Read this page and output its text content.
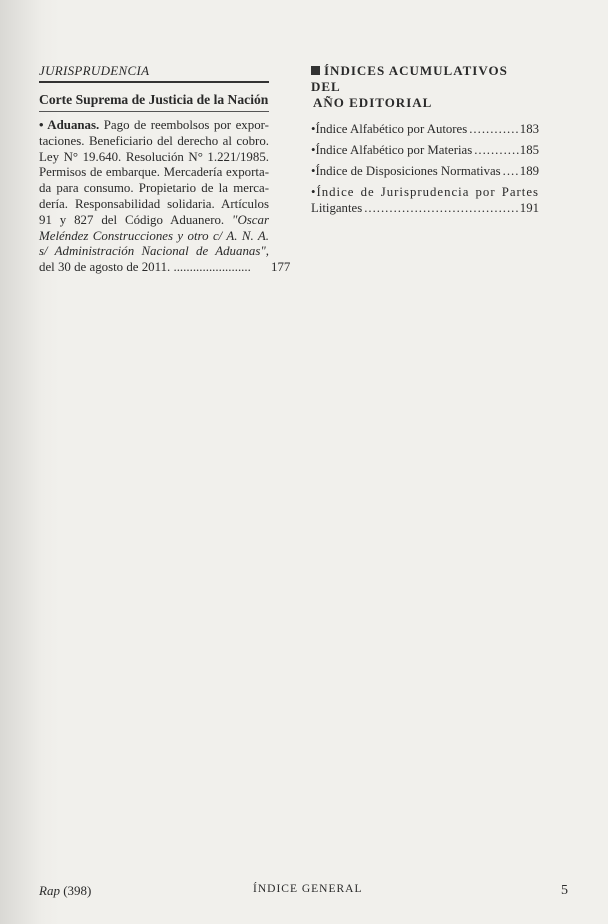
JURISPRUDENCIA
Corte Suprema de Justicia de la Nación
• Aduanas. Pago de reembolsos por expor-
taciones. Beneficiario del derecho al cobro.
Ley N° 19.640. Resolución N° 1.221/1985.
Permisos de embarque. Mercadería exporta-
da para consumo. Propietario de la merca-
dería. Responsabilidad solidaria. Artículos
91 y 827 del Código Aduanero. "Oscar
Meléndez Construcciones y otro c/ A. N. A.
s/ Administración Nacional de Aduanas",
del 30 de agosto de 2011. ........................ 177
ÍNDICES ACUMULATIVOS DEL
AÑO EDITORIAL
•Índice Alfabético por Autores .....	183
•Índice Alfabético por Materias .....	185
•Índice de Disposiciones Normativas ..... 189
•Índice de Jurisprudencia por Partes
Litigantes .....	191
Rap (398)	ÍNDICE GENERAL	5
